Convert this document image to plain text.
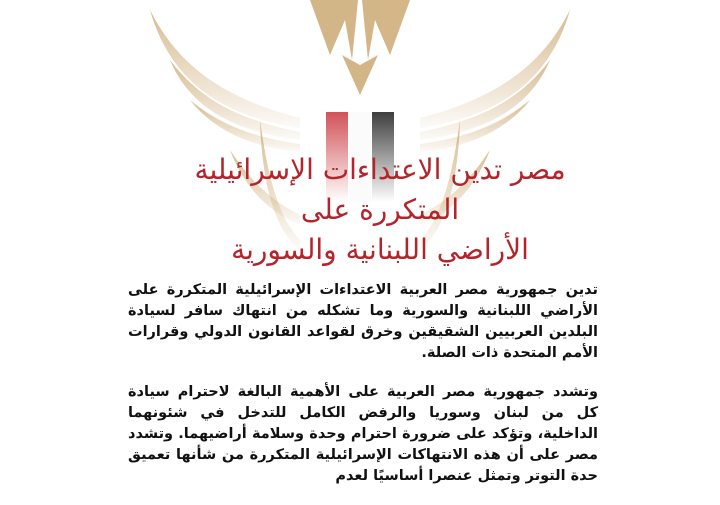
مصر تدين الاعتداءات الإسرائيلية المتكررة على
الأراضي اللبنانية والسورية

تدين جمهورية مصر العربية الاعتداءات الإسرائيلية المتكررة على الأراضي اللبنانية والسورية وما تشكله من انتهاك سافر لسيادة البلدين العربيين الشقيقين وخرق لقواعد القانون الدولي وقرارات الأمم المتحدة ذات الصلة.

وتشدد جمهورية مصر العربية على الأهمية البالغة لاحترام سيادة كل من لبنان وسوريا والرفض الكامل للتدخل في شئونهما الداخلية، وتؤكد على ضرورة احترام وحدة وسلامة أراضيهما. وتشدد مصر على أن هذه الانتهاكات الإسرائيلية المتكررة من شأنها تعميق حدة التوتر وتمثل عنصرا أساسيًا لعدم
